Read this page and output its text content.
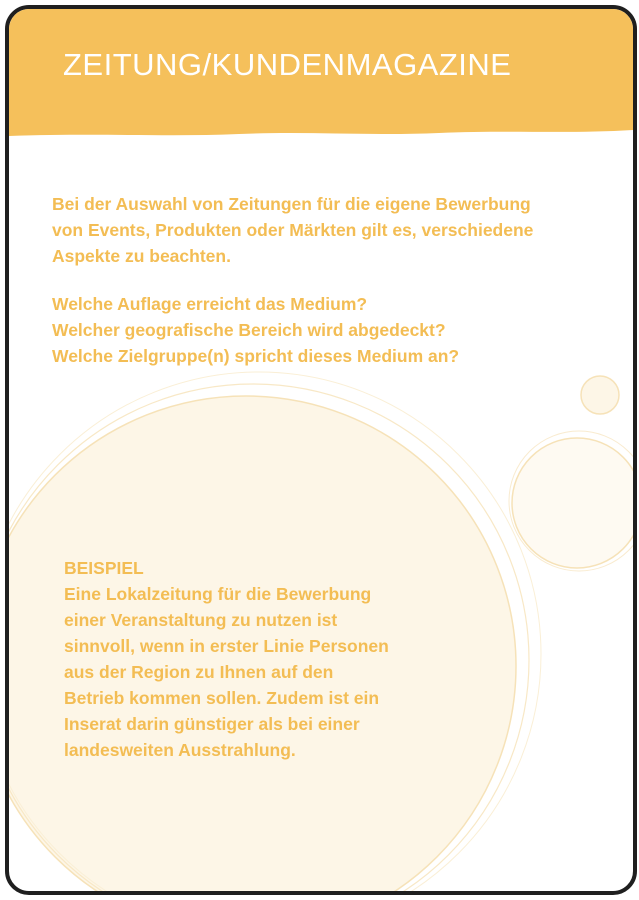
ZEITUNG/KUNDENMAGAZINE

Bei der Auswahl von Zeitungen für die eigene Bewerbung
von Events, Produkten oder Märkten gilt es, verschiedene
Aspekte zu beachten.

Welche Auflage erreicht das Medium?
Welcher geografische Bereich wird abgedeckt?
Welche Zielgruppe(n) spricht dieses Medium an?

BEISPIEL

Eine Lokalzeitung für die Bewerbung
einer Veranstaltung zu nutzen ist
sinnvoll, wenn in erster Linie Personen
aus der Region zu Ihnen auf den
Betrieb kommen sollen. Zudem ist ein
Inserat darin günstiger als bei einer
landesweiten Ausstrahlung.
